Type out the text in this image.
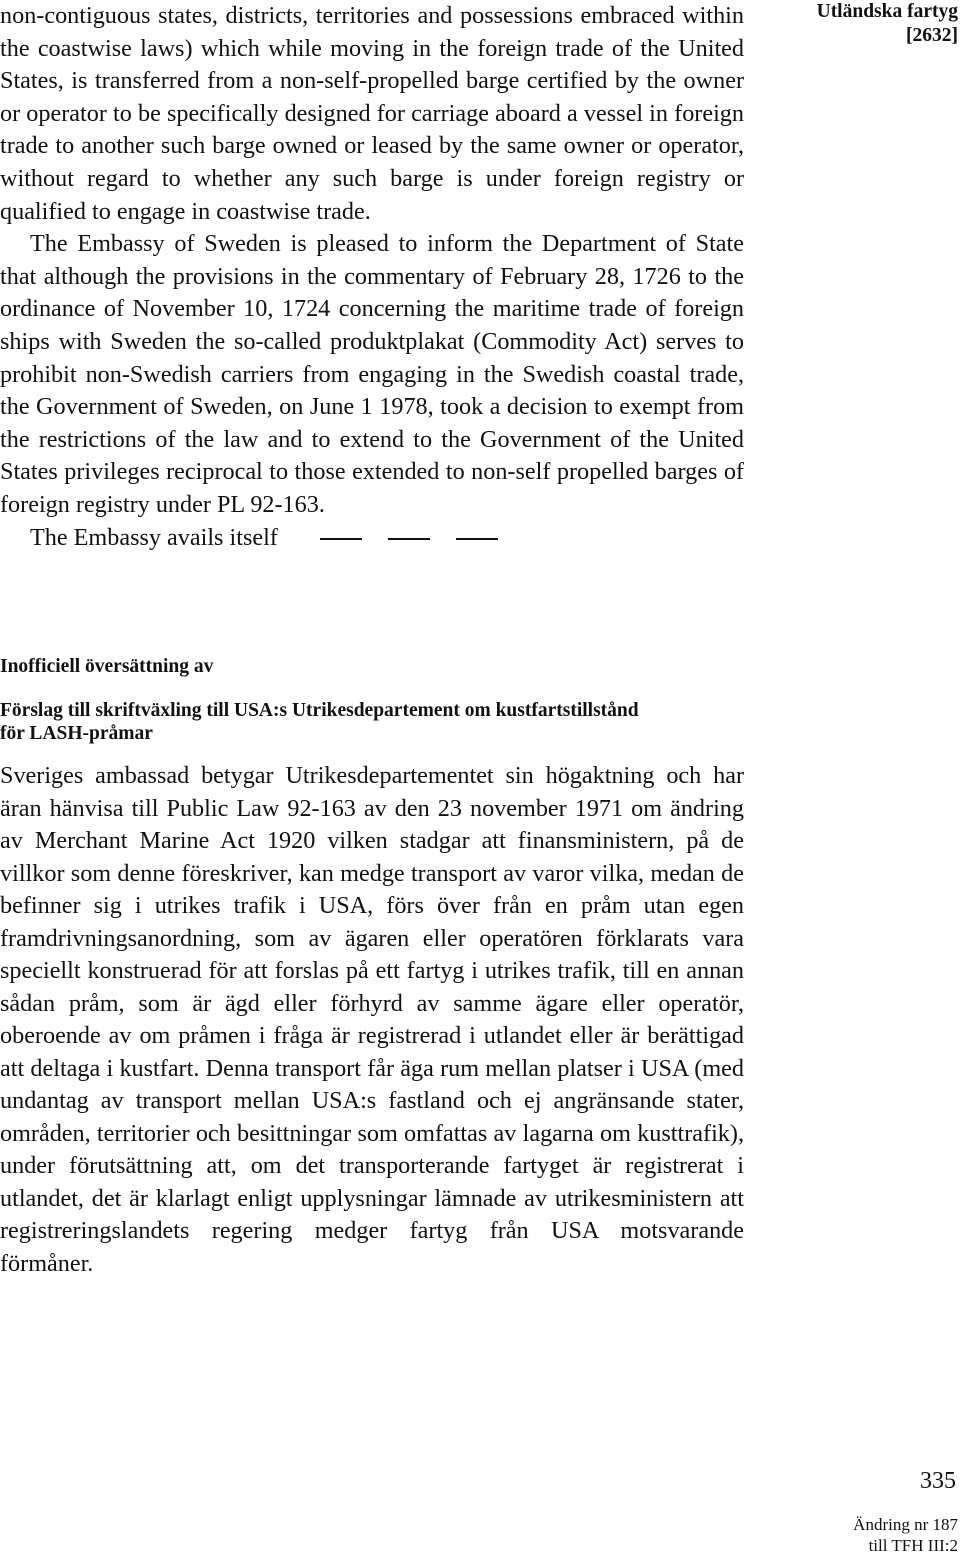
non-contiguous states, districts, territories and possessions embraced within the coastwise laws) which while moving in the foreign trade of the United States, is transferred from a non-self-propelled barge certified by the owner or operator to be specifically designed for carriage aboard a vessel in foreign trade to another such barge owned or leased by the same owner or operator, without regard to whether any such barge is under foreign registry or qualified to engage in coastwise trade.

The Embassy of Sweden is pleased to inform the Department of State that although the provisions in the commentary of February 28, 1726 to the ordinance of November 10, 1724 concerning the maritime trade of foreign ships with Sweden the so-called produktplakat (Commodity Act) serves to prohibit non-Swedish carriers from engaging in the Swedish coastal trade, the Government of Sweden, on June 1 1978, took a decision to exempt from the restrictions of the law and to extend to the Government of the United States privileges reciprocal to those extended to non-self propelled barges of foreign registry under PL 92-163.

The Embassy avails itself

Inofficiell översättning av

Förslag till skriftväxling till USA:s Utrikesdepartement om kustfartstillstånd för LASH-pråmar

Sveriges ambassad betygar Utrikesdepartementet sin högaktning och har äran hänvisa till Public Law 92-163 av den 23 november 1971 om ändring av Merchant Marine Act 1920 vilken stadgar att finansministern, på de villkor som denne föreskriver, kan medge transport av varor vilka, medan de befinner sig i utrikes trafik i USA, förs över från en pråm utan egen framdrivningsanordning, som av ägaren eller operatören förklarats vara speciellt konstruerad för att forslas på ett fartyg i utrikes trafik, till en annan sådan pråm, som är ägd eller förhyrd av samme ägare eller operatör, oberoende av om pråmen i fråga är registrerad i utlandet eller är berättigad att deltaga i kustfart. Denna transport får äga rum mellan platser i USA (med undantag av transport mellan USA:s fastland och ej angränsande stater, områden, territorier och besittningar som omfattas av lagarna om kusttrafik), under förutsättning att, om det transporterande fartyget är registrerat i utlandet, det är klarlagt enligt upplysningar lämnade av utrikesministern att registreringslandets regering medger fartyg från USA motsvarande förmåner.

Utländska fartyg
[2632]
335
Ändring nr 187
till TFH III:2
